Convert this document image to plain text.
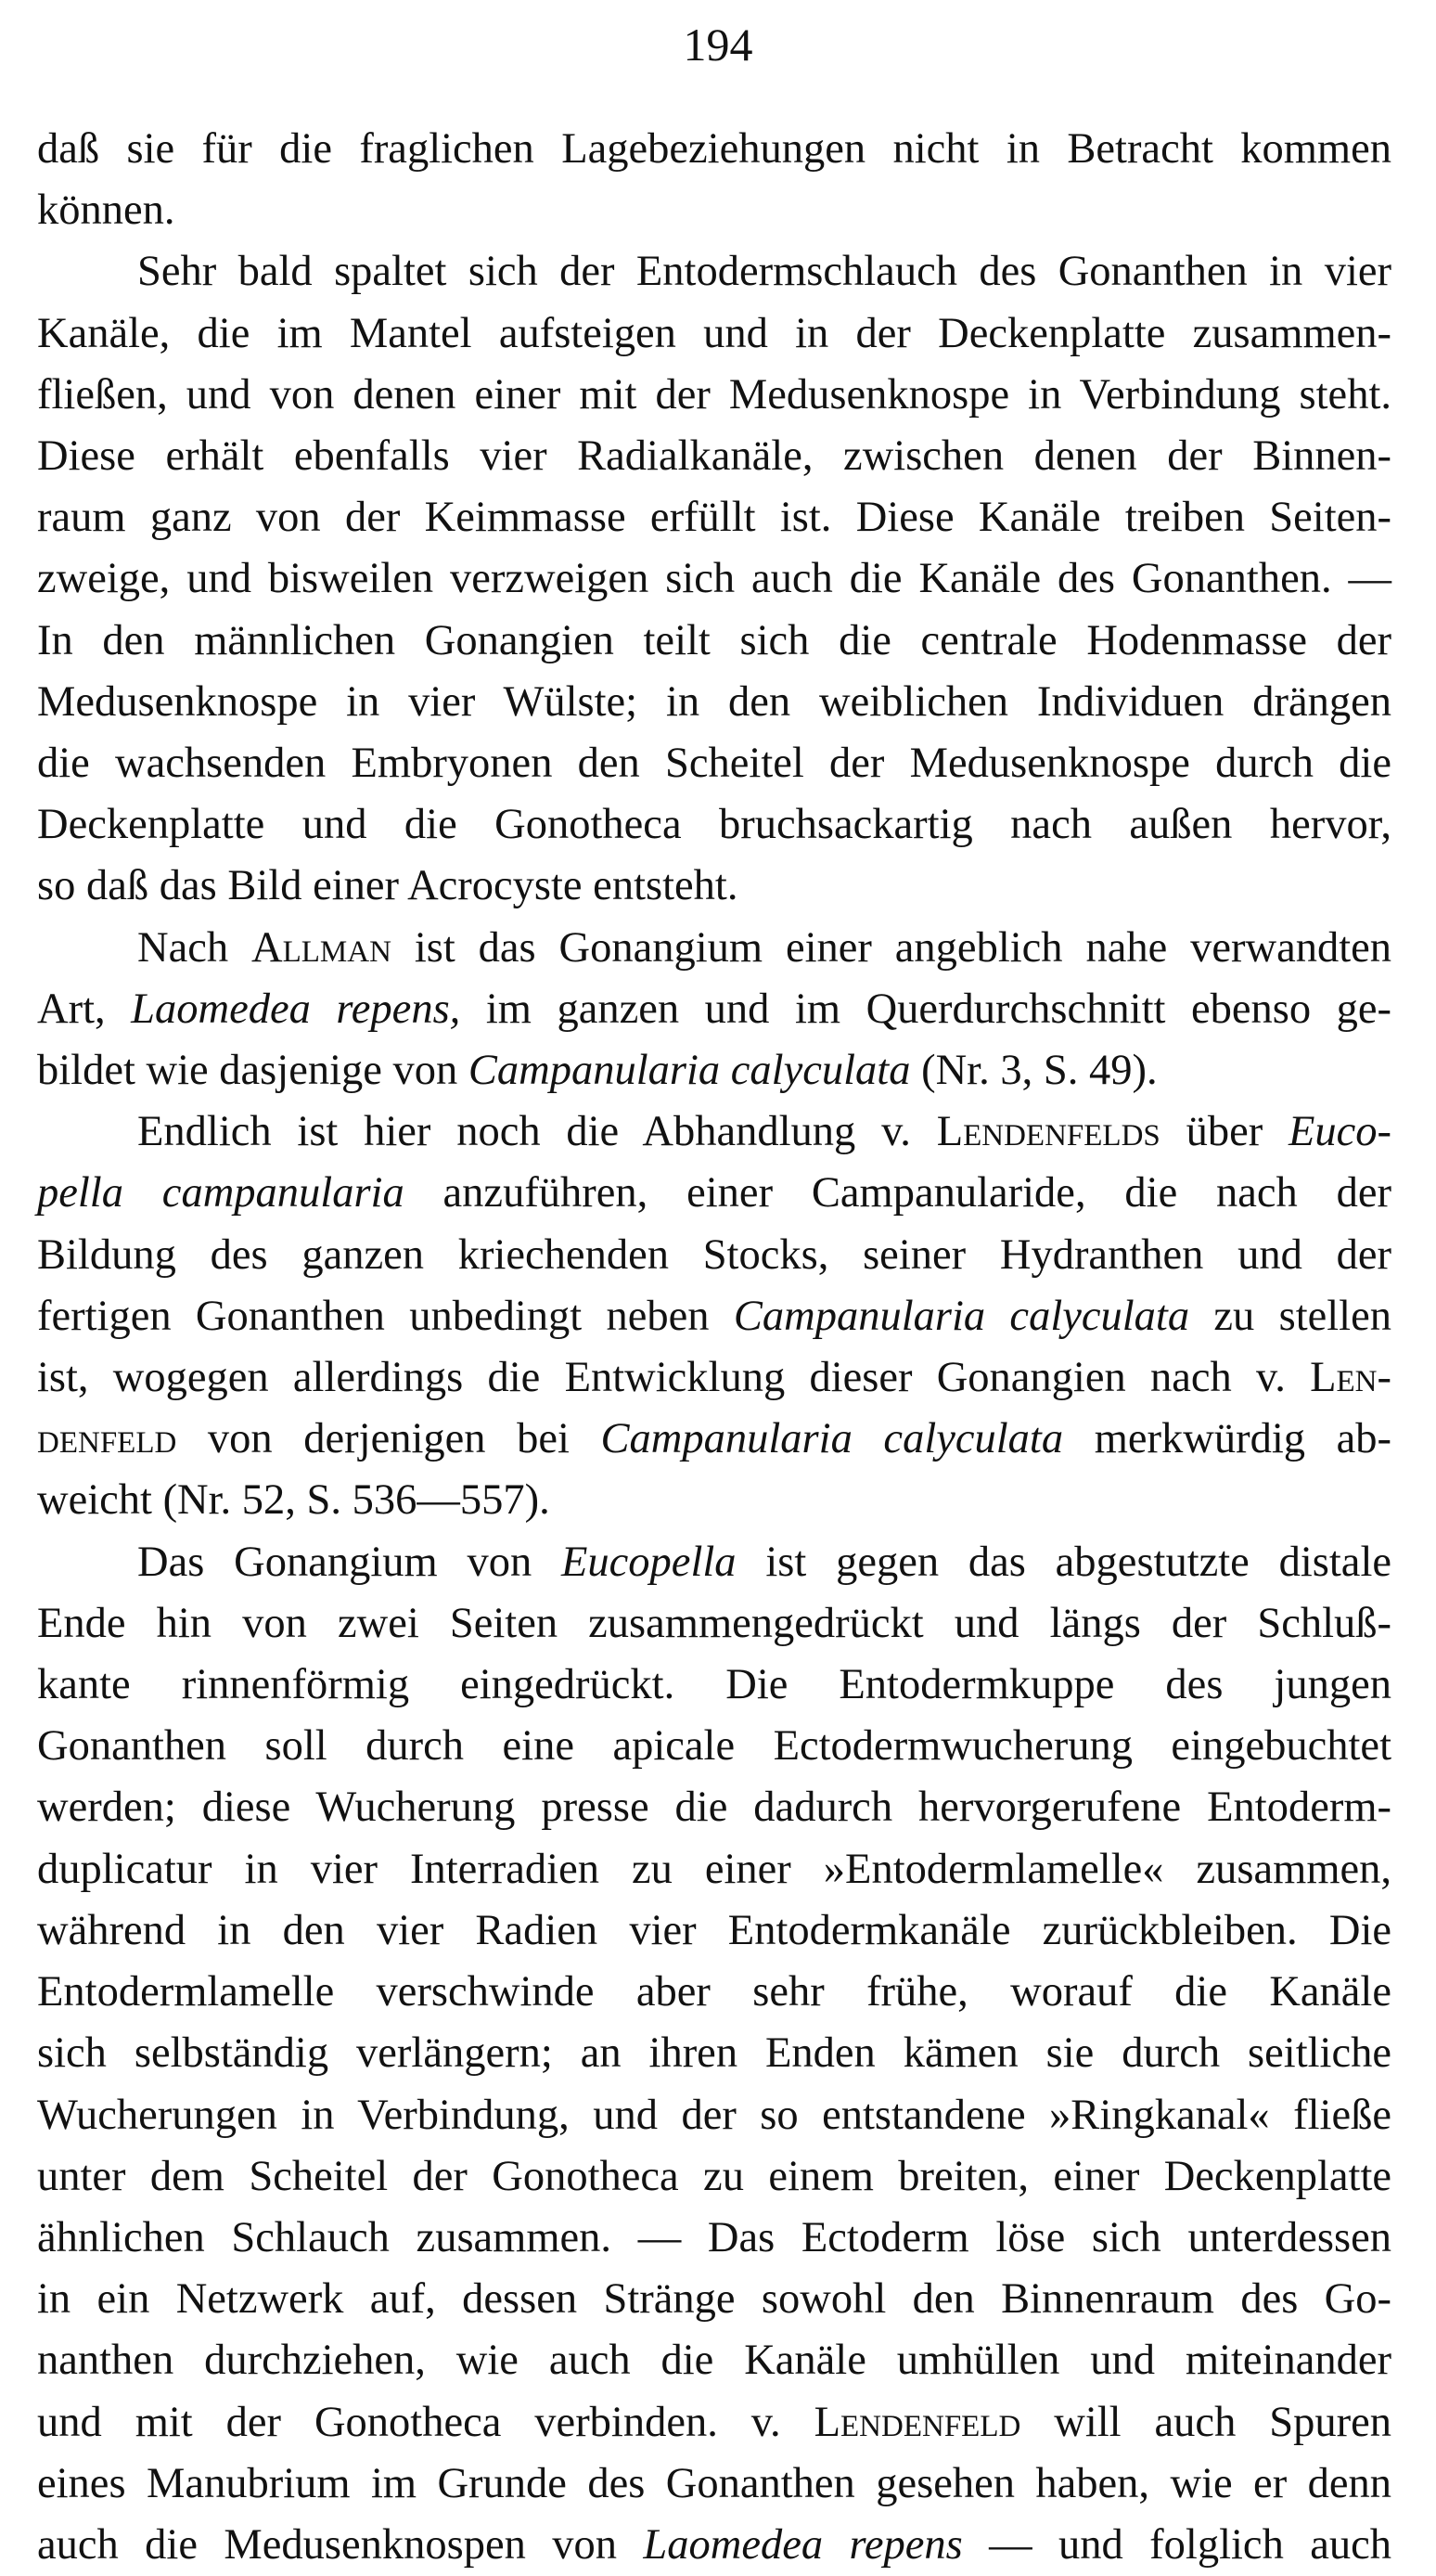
194

daß sie für die fraglichen Lagebeziehungen nicht in Betracht kommen

können.

Sehr bald spaltet sich der Entodermschlauch des Gonanthen in vier

Kanäle, die im Mantel aufsteigen und in der Deckenplatte zusammen-

fließen, und von denen einer mit der Medusenknospe in Verbindung steht.

Diese erhält ebenfalls vier Radialkanäle, zwischen denen der Binnen-

raum ganz von der Keimmasse erfüllt ist. Diese Kanäle treiben Seiten-

zweige, und bisweilen verzweigen sich auch die Kanäle des Gonanthen. —

In den männlichen Gonangien teilt sich die centrale Hodenmasse der

Medusenknospe in vier Wülste; in den weiblichen Individuen drängen

die wachsenden Embryonen den Scheitel der Medusenknospe durch die

Deckenplatte und die Gonotheca bruchsackartig nach außen hervor,

so daß das Bild einer Acrocyste entsteht.

Nach Allman ist das Gonangium einer angeblich nahe verwandten

Art, Laomedea repens, im ganzen und im Querdurchschnitt ebenso ge-

bildet wie dasjenige von Campanularia calyculata (Nr. 3, S. 49).

Endlich ist hier noch die Abhandlung v. Lendenfelds über Euco-

pella campanularia anzuführen, einer Campanularide, die nach der

Bildung des ganzen kriechenden Stocks, seiner Hydranthen und der

fertigen Gonanthen unbedingt neben Campanularia calyculata zu stellen

ist, wogegen allerdings die Entwicklung dieser Gonangien nach v. Len-

denfeld von derjenigen bei Campanularia calyculata merkwürdig ab-

weicht (Nr. 52, S. 536—557).

Das Gonangium von Eucopella ist gegen das abgestutzte distale

Ende hin von zwei Seiten zusammengedrückt und längs der Schluß-

kante rinnenförmig eingedrückt. Die Entodermkuppe des jungen

Gonanthen soll durch eine apicale Ectodermwucherung eingebuchtet

werden; diese Wucherung presse die dadurch hervorgerufene Entoderm-

duplicatur in vier Interradien zu einer »Entodermlamelle« zusammen,

während in den vier Radien vier Entodermkanäle zurückbleiben. Die

Entodermlamelle verschwinde aber sehr frühe, worauf die Kanäle

sich selbständig verlängern; an ihren Enden kämen sie durch seitliche

Wucherungen in Verbindung, und der so entstandene »Ringkanal« fließe

unter dem Scheitel der Gonotheca zu einem breiten, einer Deckenplatte

ähnlichen Schlauch zusammen. — Das Ectoderm löse sich unterdessen

in ein Netzwerk auf, dessen Stränge sowohl den Binnenraum des Go-

nanthen durchziehen, wie auch die Kanäle umhüllen und miteinander

und mit der Gonotheca verbinden. v. Lendenfeld will auch Spuren

eines Manubrium im Grunde des Gonanthen gesehen haben, wie er denn

auch die Medusenknospen von Laomedea repens — und folglich auch
